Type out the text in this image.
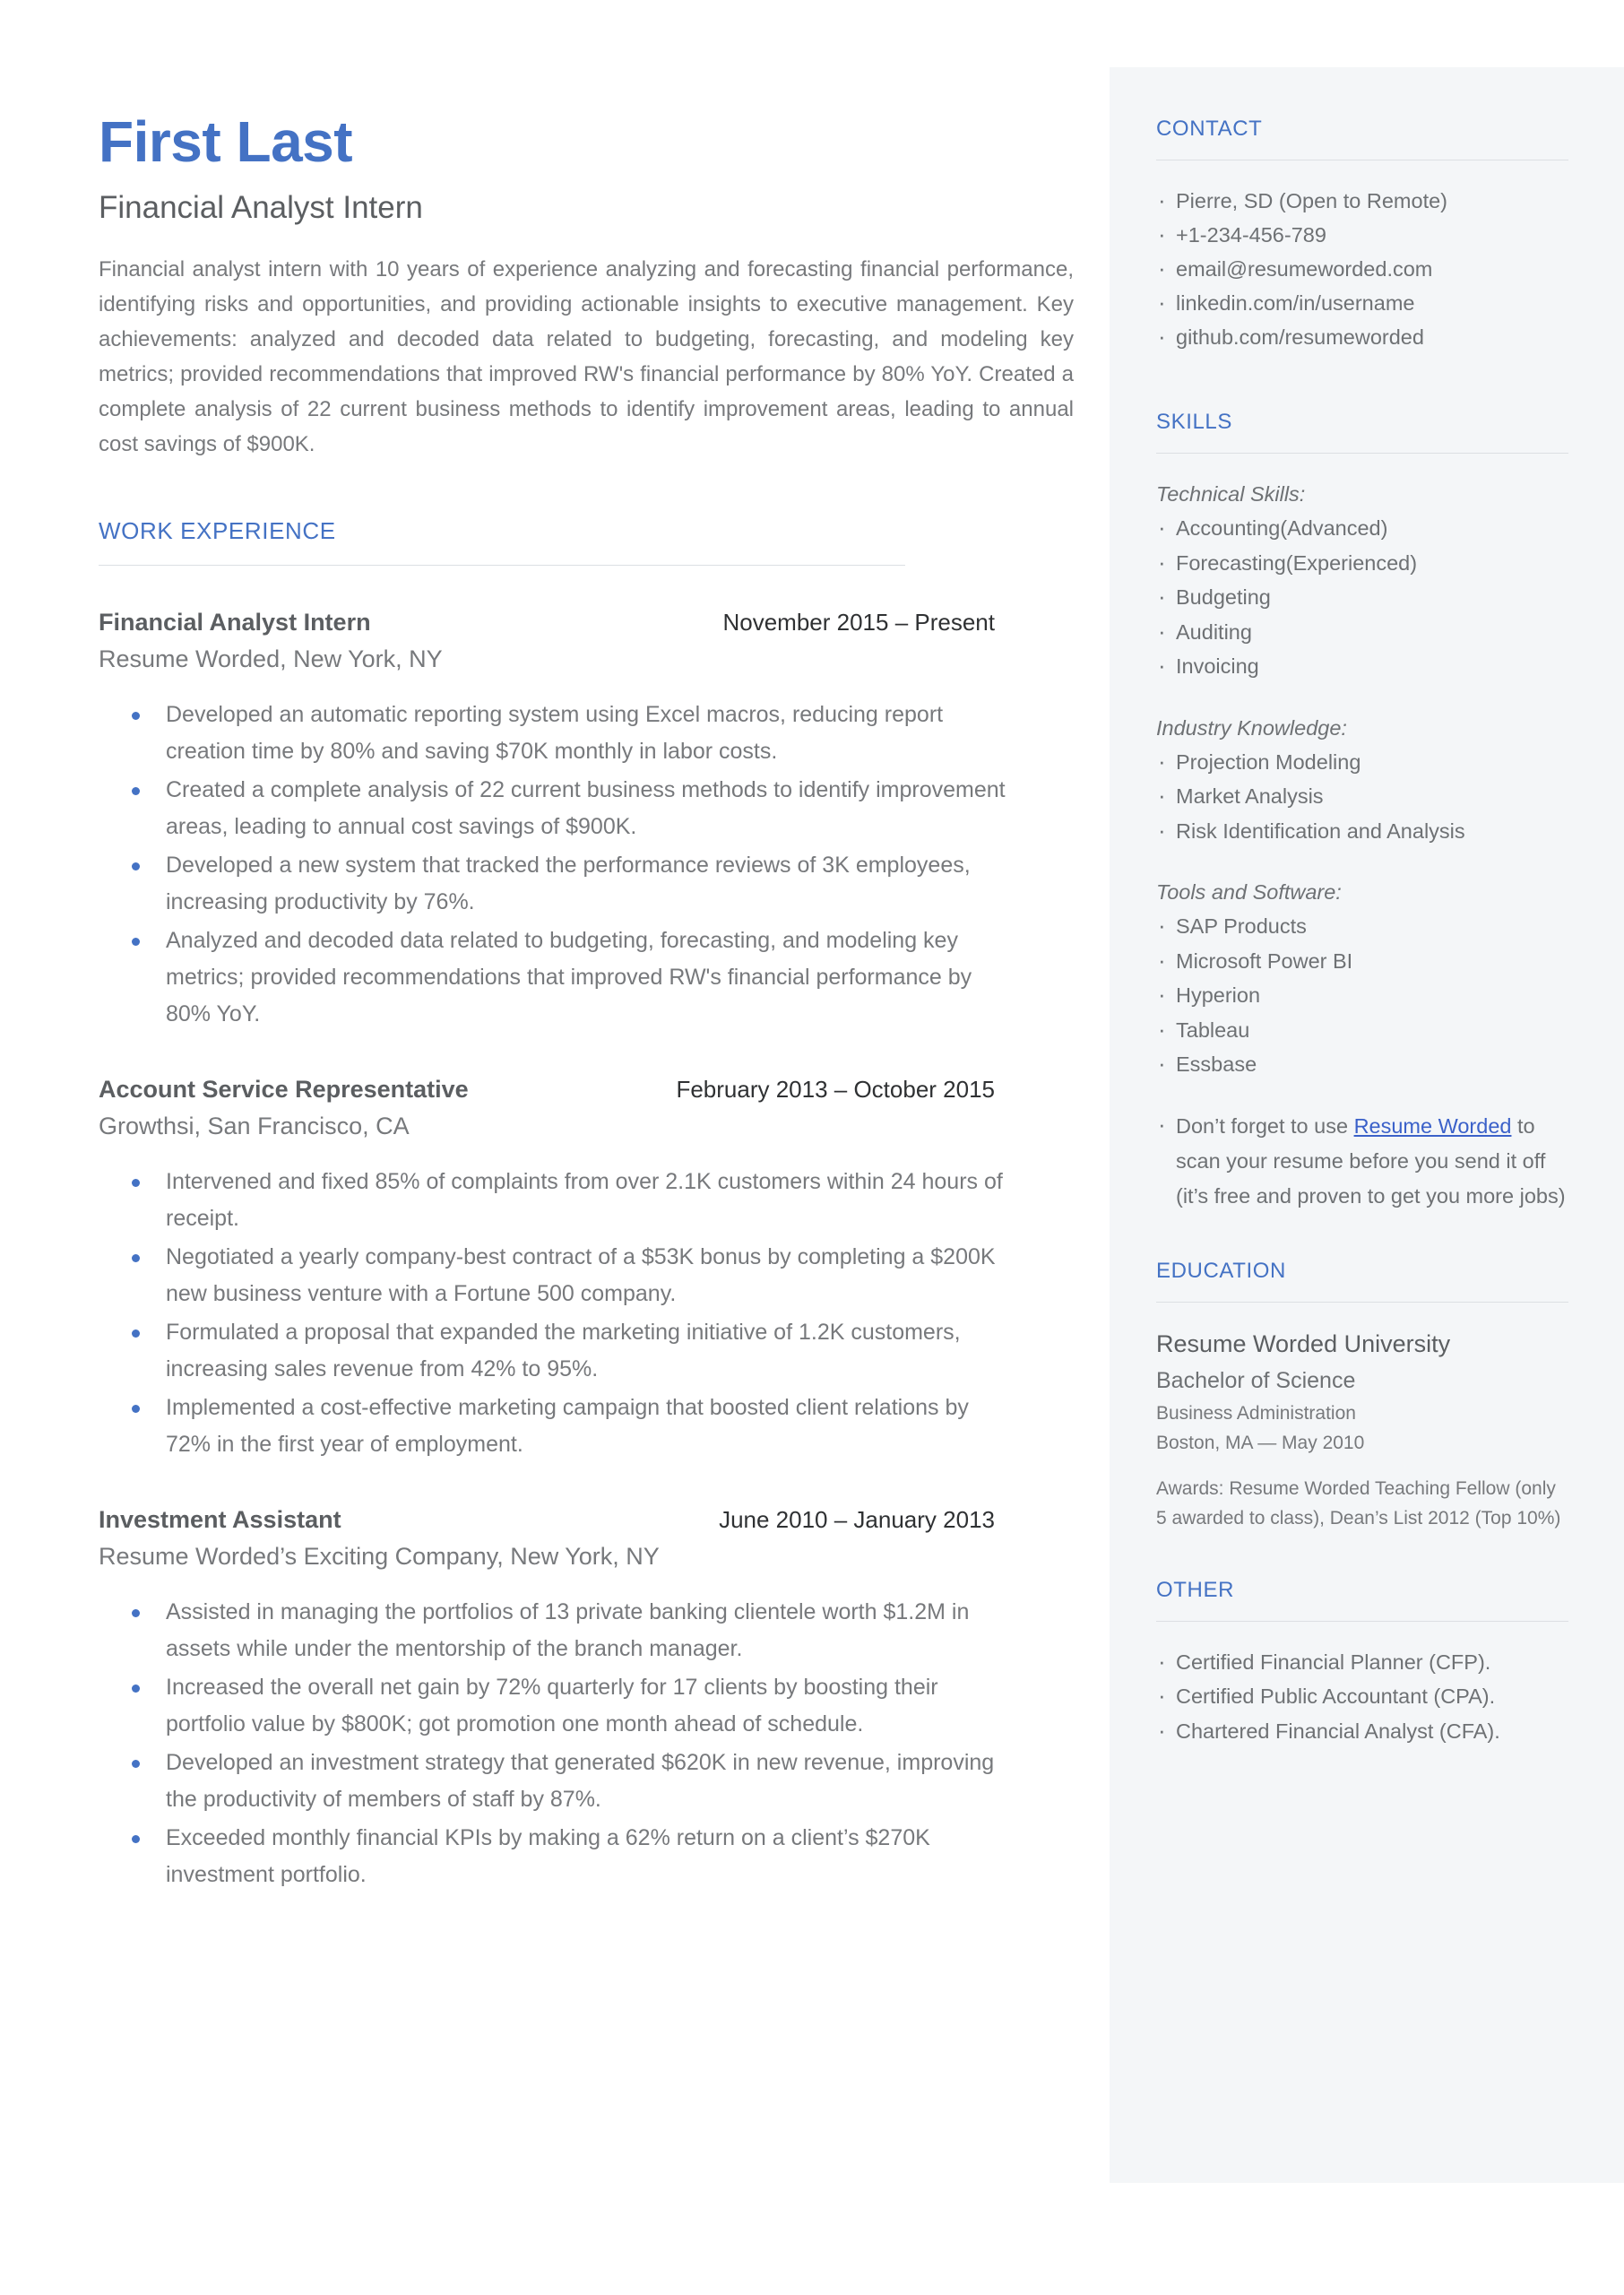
First Last
Financial Analyst Intern

Financial analyst intern with 10 years of experience analyzing and forecasting financial performance, identifying risks and opportunities, and providing actionable insights to executive management. Key achievements: analyzed and decoded data related to budgeting, forecasting, and modeling key metrics; provided recommendations that improved RW's financial performance by 80% YoY. Created a complete analysis of 22 current business methods to identify improvement areas, leading to annual cost savings of $900K.

WORK EXPERIENCE
Financial Analyst Intern	November 2015 – Present
Resume Worded, New York, NY
Developed an automatic reporting system using Excel macros, reducing report creation time by 80% and saving $70K monthly in labor costs.
Created a complete analysis of 22 current business methods to identify improvement areas, leading to annual cost savings of $900K.
Developed a new system that tracked the performance reviews of 3K employees, increasing productivity by 76%.
Analyzed and decoded data related to budgeting, forecasting, and modeling key metrics; provided recommendations that improved RW's financial performance by 80% YoY.
Account Service Representative	February 2013 – October 2015
Growthsi, San Francisco, CA
Intervened and fixed 85% of complaints from over 2.1K customers within 24 hours of receipt.
Negotiated a yearly company-best contract of a $53K bonus by completing a $200K new business venture with a Fortune 500 company.
Formulated a proposal that expanded the marketing initiative of 1.2K customers, increasing sales revenue from 42% to 95%.
Implemented a cost-effective marketing campaign that boosted client relations by 72% in the first year of employment.
Investment Assistant	June 2010 – January 2013
Resume Worded’s Exciting Company, New York, NY
Assisted in managing the portfolios of 13 private banking clientele worth $1.2M in assets while under the mentorship of the branch manager.
Increased the overall net gain by 72% quarterly for 17 clients by boosting their portfolio value by $800K; got promotion one month ahead of schedule.
Developed an investment strategy that generated $620K in new revenue, improving the productivity of members of staff by 87%.
Exceeded monthly financial KPIs by making a 62% return on a client’s $270K investment portfolio.
CONTACT
· Pierre, SD (Open to Remote)
· +1-234-456-789
· email@resumeworded.com
· linkedin.com/in/username
· github.com/resumeworded
SKILLS
Technical Skills:
· Accounting(Advanced)
· Forecasting(Experienced)
· Budgeting
· Auditing
· Invoicing
Industry Knowledge:
· Projection Modeling
· Market Analysis
· Risk Identification and Analysis
Tools and Software:
· SAP Products
· Microsoft Power BI
· Hyperion
· Tableau
· Essbase
· Don’t forget to use Resume Worded to scan your resume before you send it off (it’s free and proven to get you more jobs)
EDUCATION
Resume Worded University
Bachelor of Science
Business Administration
Boston, MA — May 2010
Awards: Resume Worded Teaching Fellow (only 5 awarded to class), Dean’s List 2012 (Top 10%)
OTHER
· Certified Financial Planner (CFP).
· Certified Public Accountant (CPA).
· Chartered Financial Analyst (CFA).
